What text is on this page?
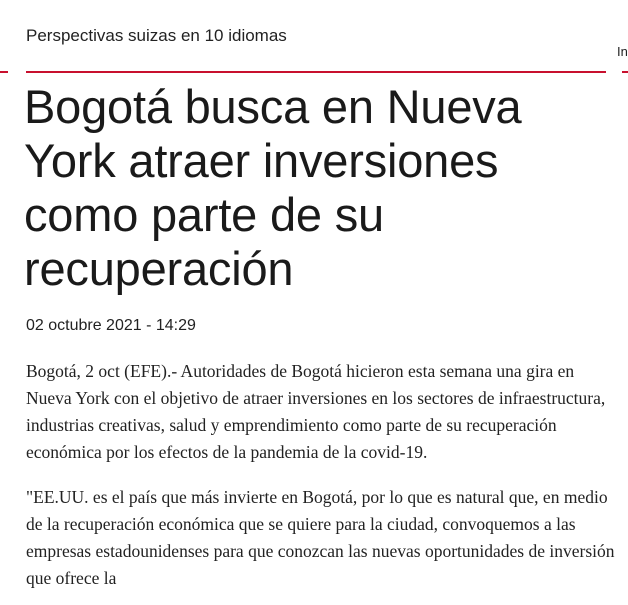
Perspectivas suizas en 10 idiomas
In
Bogotá busca en Nueva York atraer inversiones como parte de su recuperación
02 octubre 2021 - 14:29

Bogotá, 2 oct (EFE).- Autoridades de Bogotá hicieron esta semana una gira en Nueva York con el objetivo de atraer inversiones en los sectores de infraestructura, industrias creativas, salud y emprendimiento como parte de su recuperación económica por los efectos de la pandemia de la covid-19.

"EE.UU. es el país que más invierte en Bogotá, por lo que es natural que, en medio de la recuperación económica que se quiere para la ciudad, convoquemos a las empresas estadounidenses para que conozcan las nuevas oportunidades de inversión que ofrece la
